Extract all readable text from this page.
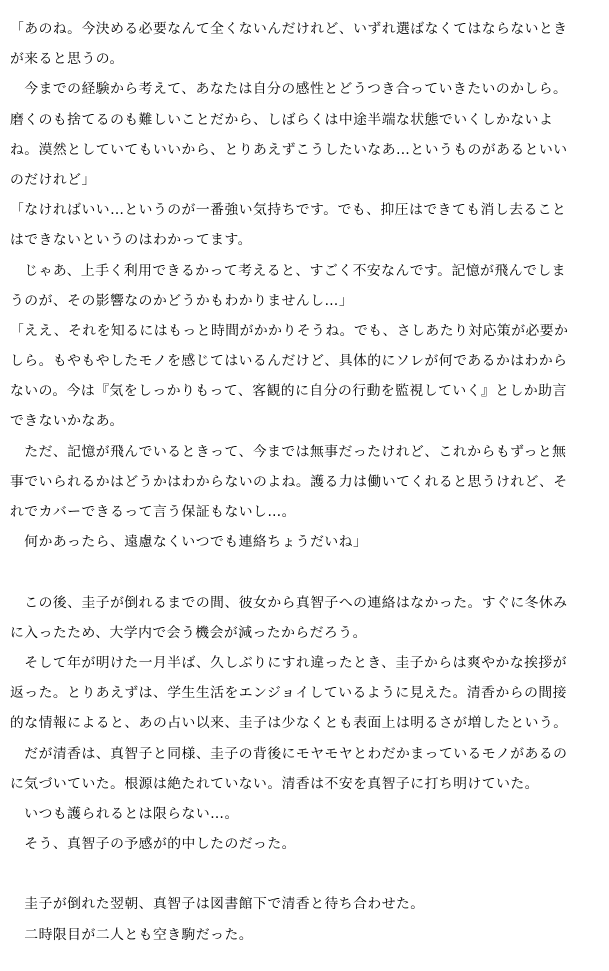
「あのね。今決める必要なんて全くないんだけれど、いずれ選ばなくてはならないとき
が来ると思うの。
　今までの経験から考えて、あなたは自分の感性とどうつき合っていきたいのかしら。
磨くのも捨てるのも難しいことだから、しばらくは中途半端な状態でいくしかないよ
ね。漠然としていてもいいから、とりあえずこうしたいなあ…というものがあるといい
のだけれど」
「なければいい…というのが一番強い気持ちです。でも、抑圧はできても消し去ること
はできないというのはわかってます。
　じゃあ、上手く利用できるかって考えると、すごく不安なんです。記憶が飛んでしま
うのが、その影響なのかどうかもわかりませんし…」
「ええ、それを知るにはもっと時間がかかりそうね。でも、さしあたり対応策が必要か
しら。もやもやしたモノを感じてはいるんだけど、具体的にソレが何であるかはわから
ないの。今は『気をしっかりもって、客観的に自分の行動を監視していく』としか助言
できないかなあ。
　ただ、記憶が飛んでいるときって、今までは無事だったけれど、これからもずっと無
事でいられるかはどうかはわからないのよね。護る力は働いてくれると思うけれど、そ
れでカバーできるって言う保証もないし…。
　何かあったら、遠慮なくいつでも連絡ちょうだいね」
　この後、圭子が倒れるまでの間、彼女から真智子への連絡はなかった。すぐに冬休み
に入ったため、大学内で会う機会が減ったからだろう。
　そして年が明けた一月半ば、久しぶりにすれ違ったとき、圭子からは爽やかな挨拶が
返った。とりあえずは、学生生活をエンジョイしているように見えた。清香からの間接
的な情報によると、あの占い以来、圭子は少なくとも表面上は明るさが増したという。
　だが清香は、真智子と同様、圭子の背後にモヤモヤとわだかまっているモノがあるの
に気づいていた。根源は絶たれていない。清香は不安を真智子に打ち明けていた。
　いつも護られるとは限らない…。
　そう、真智子の予感が的中したのだった。
　圭子が倒れた翌朝、真智子は図書館下で清香と待ち合わせた。
　二時限目が二人とも空き駒だった。
